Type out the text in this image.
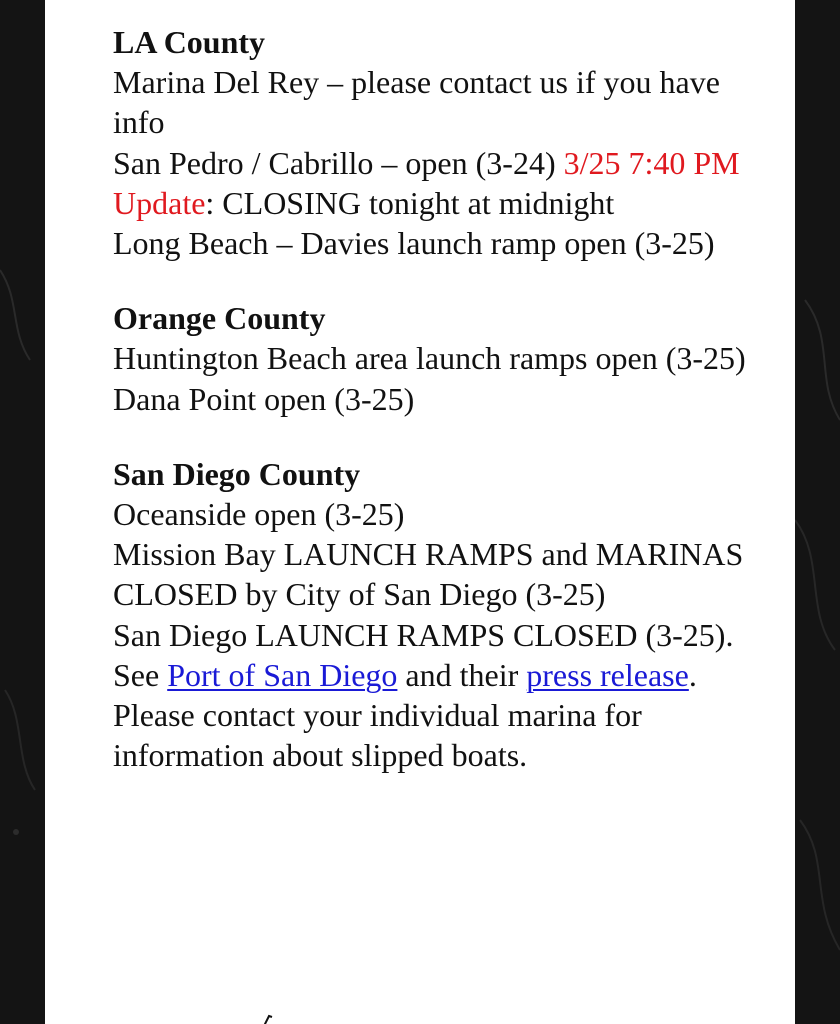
LA County
Marina Del Rey – please contact us if you have info
San Pedro / Cabrillo – open (3-24) 3/25 7:40 PM Update: CLOSING tonight at midnight
Long Beach – Davies launch ramp open (3-25)
Orange County
Huntington Beach area launch ramps open (3-25)
Dana Point open (3-25)
San Diego County
Oceanside open (3-25)
Mission Bay LAUNCH RAMPS and MARINAS CLOSED by City of San Diego (3-25)
San Diego LAUNCH RAMPS CLOSED (3-25). See Port of San Diego and their press release. Please contact your individual marina for information about slipped boats.
